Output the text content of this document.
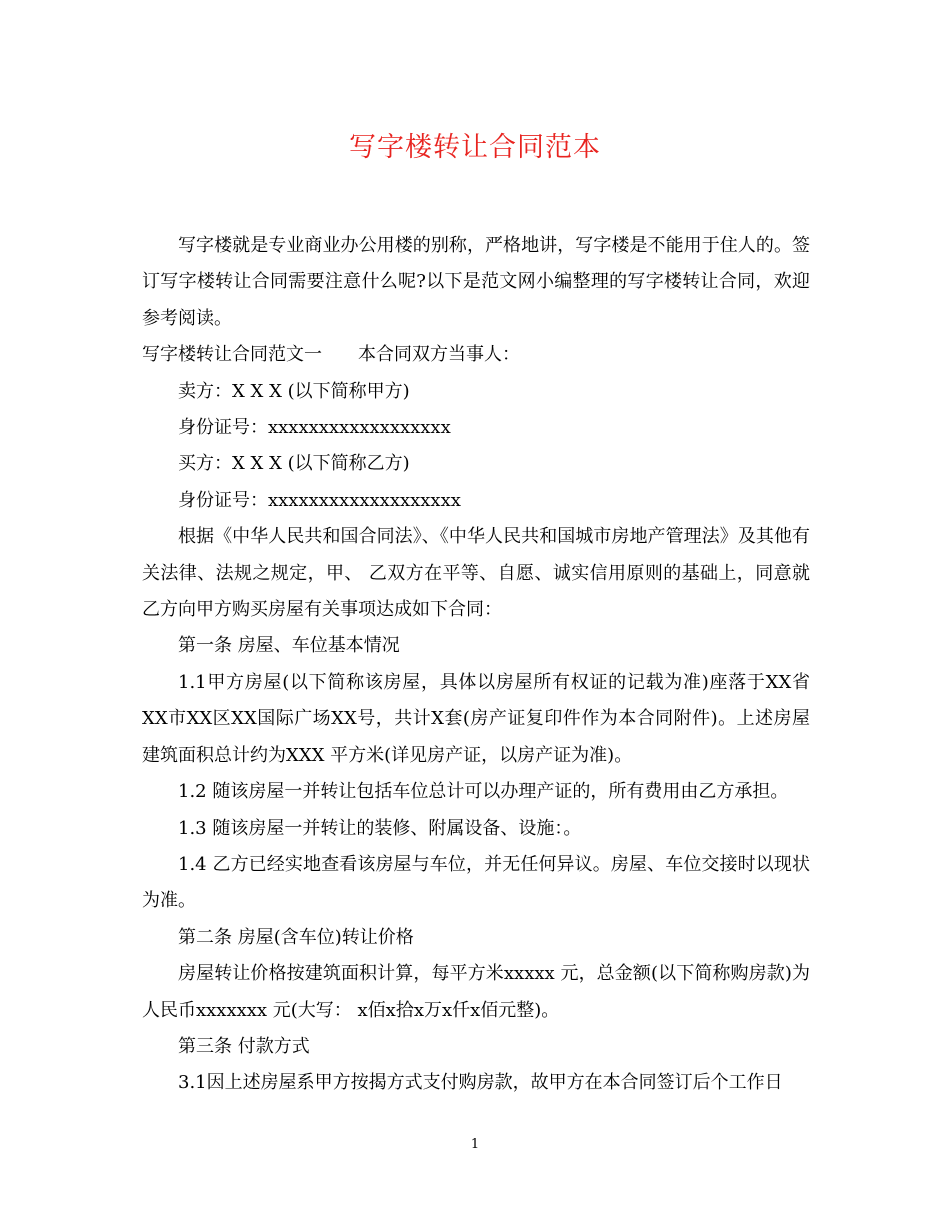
写字楼转让合同范本

写字楼就是专业商业办公用楼的别称，严格地讲，写字楼是不能用于住人的。签订写字楼转让合同需要注意什么呢?以下是范文网小编整理的写字楼转让合同，欢迎参考阅读。

写字楼转让合同范文一 本合同双方当事人：

卖方：X X X (以下简称甲方)

身份证号：xxxxxxxxxxxxxxxxxx

买方：X X X (以下简称乙方)

身份证号：xxxxxxxxxxxxxxxxxxx

根据《中华人民共和国合同法》、《中华人民共和国城市房地产管理法》及其他有关法律、法规之规定，甲、 乙双方在平等、自愿、诚实信用原则的基础上，同意就乙方向甲方购买房屋有关事项达成如下合同：

第一条 房屋、车位基本情况

1.1甲方房屋(以下简称该房屋，具体以房屋所有权证的记载为准)座落于XX省XX市XX区XX国际广场XX号，共计X套(房产证复印件作为本合同附件)。上述房屋建筑面积总计约为XXX 平方米(详见房产证，以房产证为准)。

1.2 随该房屋一并转让包括车位总计可以办理产证的，所有费用由乙方承担。

1.3 随该房屋一并转让的装修、附属设备、设施：。

1.4 乙方已经实地查看该房屋与车位，并无任何异议。房屋、车位交接时以现状为准。

第二条 房屋(含车位)转让价格

房屋转让价格按建筑面积计算，每平方米xxxxx 元，总金额(以下简称购房款)为人民币xxxxxxx 元(大写： x佰x拾x万x仟x佰元整)。

第三条 付款方式

3.1因上述房屋系甲方按揭方式支付购房款，故甲方在本合同签订后个工作日

1
